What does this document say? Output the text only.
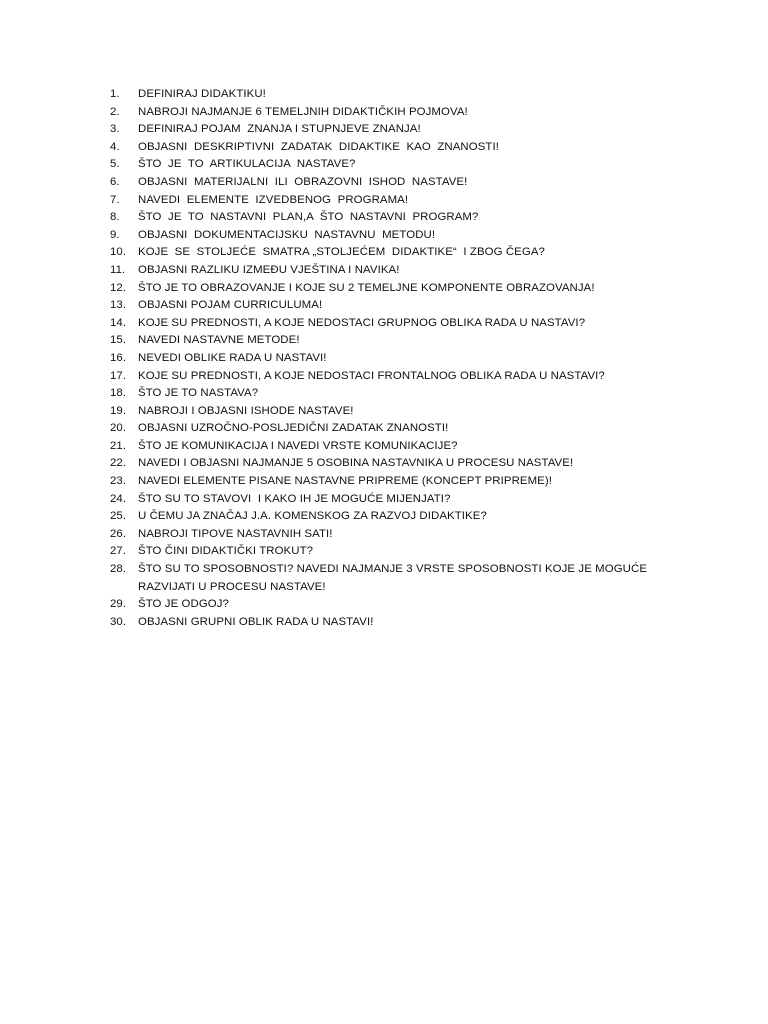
1.	DEFINIRAJ DIDAKTIKU!
2.	NABROJI NAJMANJE 6 TEMELJNIH DIDAKTIČKIH POJMOVA!
3.	DEFINIRAJ POJAM  ZNANJA I STUPNJEVE ZNANJA!
4.	OBJASNI  DESKRIPTIVNI  ZADATAK  DIDAKTIKE  KAO  ZNANOSTI!
5.	ŠTO  JE  TO  ARTIKULACIJA  NASTAVE?
6.	OBJASNI  MATERIJALNI  ILI  OBRAZOVNI  ISHOD  NASTAVE!
7.	NAVEDI  ELEMENTE  IZVEDBENOG  PROGRAMA!
8.	ŠTO  JE  TO  NASTAVNI  PLAN,A  ŠTO  NASTAVNI  PROGRAM?
9.	OBJASNI  DOKUMENTACIJSKU  NASTAVNU  METODU!
10.	KOJE  SE  STOLJEĆE  SMATRA „STOLJEĆEM  DIDAKTIKE“  I ZBOG ČEGA?
11.	OBJASNI RAZLIKU IZMEĐU VJEŠTINA I NAVIKA!
12.	ŠTO JE TO OBRAZOVANJE I KOJE SU 2 TEMELJNE KOMPONENTE OBRAZOVANJA!
13.	OBJASNI POJAM CURRICULUMA!
14.	KOJE SU PREDNOSTI, A KOJE NEDOSTACI GRUPNOG OBLIKA RADA U NASTAVI?
15.	NAVEDI NASTAVNE METODE!
16.	NEVEDI OBLIKE RADA U NASTAVI!
17.	KOJE SU PREDNOSTI, A KOJE NEDOSTACI FRONTALNOG OBLIKA RADA U NASTAVI?
18.	ŠTO JE TO NASTAVA?
19.	NABROJI I OBJASNI ISHODE NASTAVE!
20.	OBJASNI UZROČNO-POSLJEDIČNI ZADATAK ZNANOSTI!
21.	ŠTO JE KOMUNIKACIJA I NAVEDI VRSTE KOMUNIKACIJE?
22.	NAVEDI I OBJASNI NAJMANJE 5 OSOBINA NASTAVNIKA U PROCESU NASTAVE!
23.	NAVEDI ELEMENTE PISANE NASTAVNE PRIPREME (KONCEPT PRIPREME)!
24.	ŠTO SU TO STAVOVI  I KAKO IH JE MOGUĆE MIJENJATI?
25.	U ČEMU JA ZNAČAJ J.A. KOMENSKOG ZA RAZVOJ DIDAKTIKE?
26.	NABROJI TIPOVE NASTAVNIH SATI!
27.	ŠTO ČINI DIDAKTIČKI TROKUT?
28.	ŠTO SU TO SPOSOBNOSTI? NAVEDI NAJMANJE 3 VRSTE SPOSOBNOSTI KOJE JE MOGUĆE
RAZVIJATI U PROCESU NASTAVE!
29.	ŠTO JE ODGOJ?
30.	OBJASNI GRUPNI OBLIK RADA U NASTAVI!
